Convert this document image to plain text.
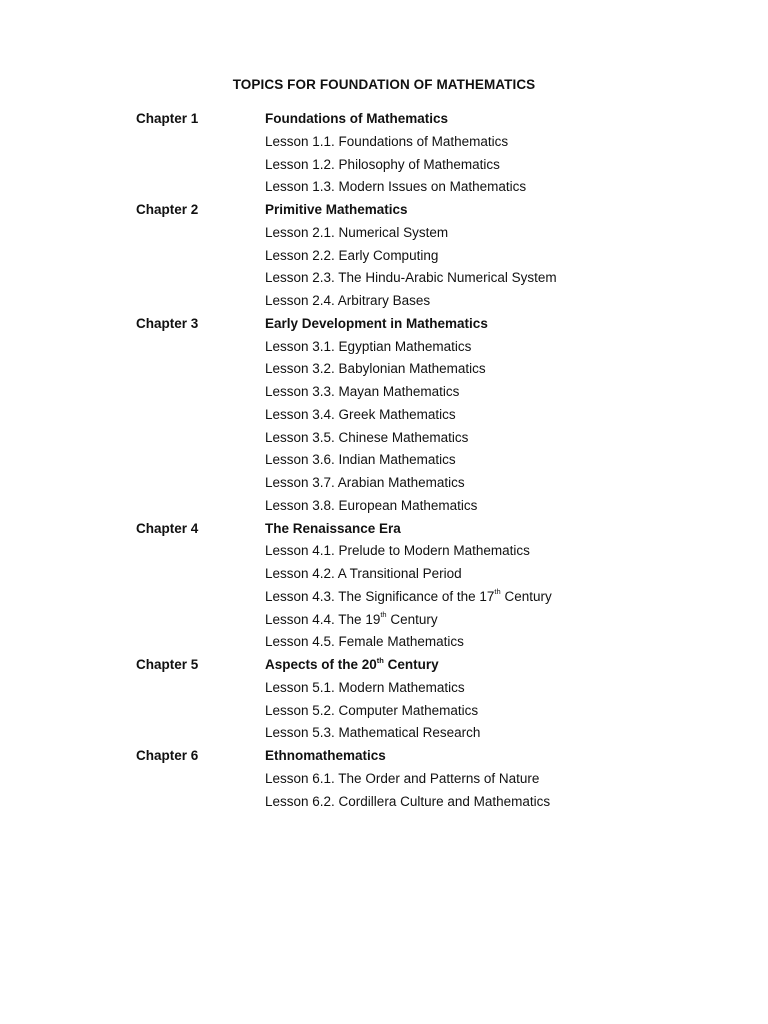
TOPICS FOR FOUNDATION OF MATHEMATICS
Chapter 1	Foundations of Mathematics
Lesson 1.1. Foundations of Mathematics
Lesson 1.2. Philosophy of Mathematics
Lesson 1.3. Modern Issues on Mathematics
Chapter 2	Primitive Mathematics
Lesson 2.1. Numerical System
Lesson 2.2. Early Computing
Lesson 2.3. The Hindu-Arabic Numerical System
Lesson 2.4. Arbitrary Bases
Chapter 3	Early Development in Mathematics
Lesson 3.1. Egyptian Mathematics
Lesson 3.2. Babylonian Mathematics
Lesson 3.3. Mayan Mathematics
Lesson 3.4. Greek Mathematics
Lesson 3.5. Chinese Mathematics
Lesson 3.6. Indian Mathematics
Lesson 3.7. Arabian Mathematics
Lesson 3.8. European Mathematics
Chapter 4	The Renaissance Era
Lesson 4.1. Prelude to Modern Mathematics
Lesson 4.2. A Transitional Period
Lesson 4.3. The Significance of the 17th Century
Lesson 4.4. The 19th Century
Lesson 4.5. Female Mathematics
Chapter 5	Aspects of the 20th Century
Lesson 5.1. Modern Mathematics
Lesson 5.2. Computer Mathematics
Lesson 5.3. Mathematical Research
Chapter 6	Ethnomathematics
Lesson 6.1. The Order and Patterns of Nature
Lesson 6.2. Cordillera Culture and Mathematics
